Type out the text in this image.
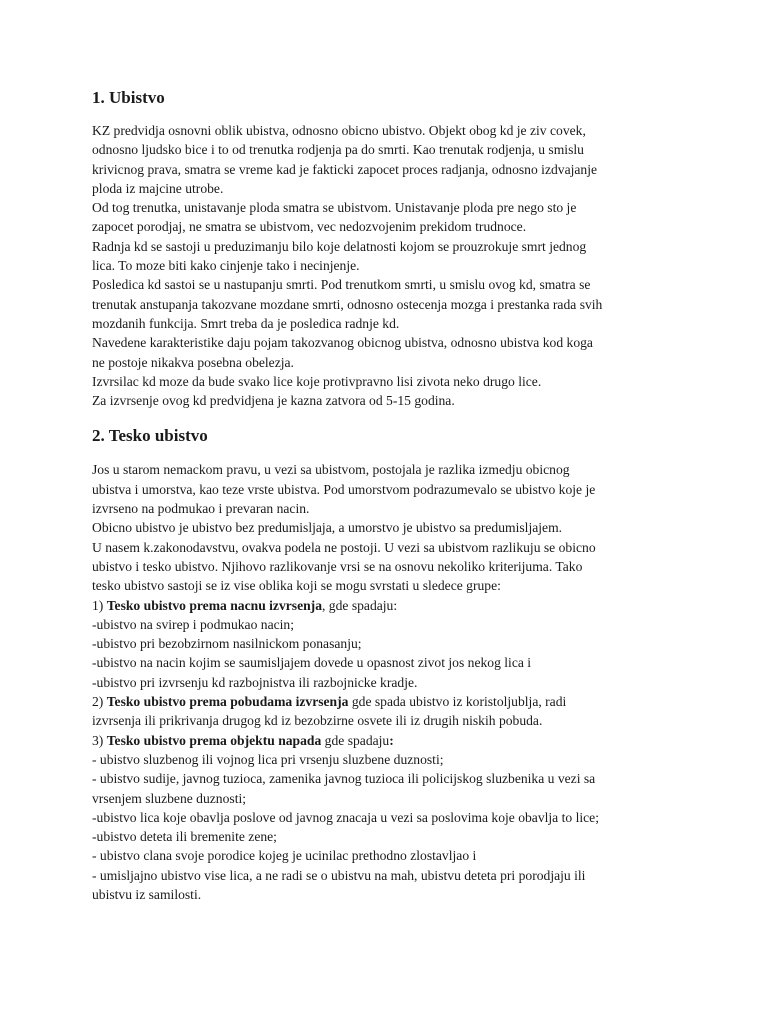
1. Ubistvo

KZ predvidja osnovni oblik ubistva, odnosno obicno ubistvo. Objekt obog kd je ziv covek,

odnosno ljudsko bice i to od trenutka rodjenja pa do smrti. Kao trenutak rodjenja, u smislu

krivicnog prava, smatra se vreme kad je fakticki zapocet proces radjanja, odnosno izdvajanje

ploda iz majcine utrobe.

Od tog trenutka, unistavanje ploda smatra se ubistvom. Unistavanje ploda pre nego sto je

zapocet porodjaj, ne smatra se ubistvom, vec nedozvojenim prekidom trudnoce.

Radnja kd se sastoji u preduzimanju bilo koje delatnosti kojom se prouzrokuje smrt jednog

lica. To moze biti kako cinjenje tako i necinjenje.

Posledica kd sastoi se u nastupanju smrti. Pod trenutkom smrti, u smislu ovog kd, smatra se

trenutak anstupanja takozvane mozdane smrti, odnosno ostecenja mozga i prestanka rada svih

mozdanih funkcija. Smrt treba da je posledica radnje kd.

Navedene karakteristike daju pojam takozvanog obicnog ubistva, odnosno ubistva kod koga

ne postoje nikakva posebna obelezja.

Izvrsilac kd moze da bude svako lice koje protivpravno lisi zivota neko drugo lice.

Za izvrsenje ovog kd predvidjena je kazna zatvora od 5-15 godina.

2. Tesko ubistvo

Jos u starom nemackom pravu, u vezi sa ubistvom, postojala je razlika izmedju obicnog

ubistva i umorstva, kao teze vrste ubistva. Pod umorstvom podrazumevalo se ubistvo koje je

izvrseno na podmukao i prevaran nacin.

Obicno ubistvo je ubistvo bez predumisljaja, a umorstvo je ubistvo sa predumisljajem.

U nasem k.zakonodavstvu, ovakva podela ne postoji. U vezi sa ubistvom razlikuju se obicno

ubistvo i tesko ubistvo. Njihovo razlikovanje vrsi se na osnovu nekoliko kriterijuma. Tako

tesko ubistvo sastoji se iz vise oblika koji se mogu svrstati u sledece grupe:

1) Tesko ubistvo prema nacnu izvrsenja, gde spadaju:

-ubistvo na svirep i podmukao nacin;

-ubistvo pri bezobzirnom nasilnickom ponasanju;

-ubistvo na nacin kojim se saumisljajem dovede u opasnost zivot jos nekog lica i

-ubistvo pri izvrsenju kd razbojnistva ili razbojnicke kradje.

2) Tesko ubistvo prema pobudama izvrsenja gde spada ubistvo iz koristoljublja, radi

izvrsenja ili prikrivanja drugog kd iz bezobzirne osvete ili iz drugih niskih pobuda.

3) Tesko ubistvo prema objektu napada gde spadaju:

- ubistvo sluzbenog ili vojnog lica pri vrsenju sluzbene duznosti;

- ubistvo sudije, javnog tuzioca, zamenika javnog tuzioca ili policijskog sluzbenika u vezi sa

vrsenjem sluzbene duznosti;

-ubistvo lica koje obavlja poslove od javnog znacaja u vezi sa poslovima koje obavlja to lice;

-ubistvo deteta ili bremenite zene;

- ubistvo clana svoje porodice kojeg je ucinilac prethodno zlostavljao i

- umisljajno ubistvo vise lica, a ne radi se o ubistvu na mah, ubistvu deteta pri porodjaju ili

ubistvu iz samilosti.
